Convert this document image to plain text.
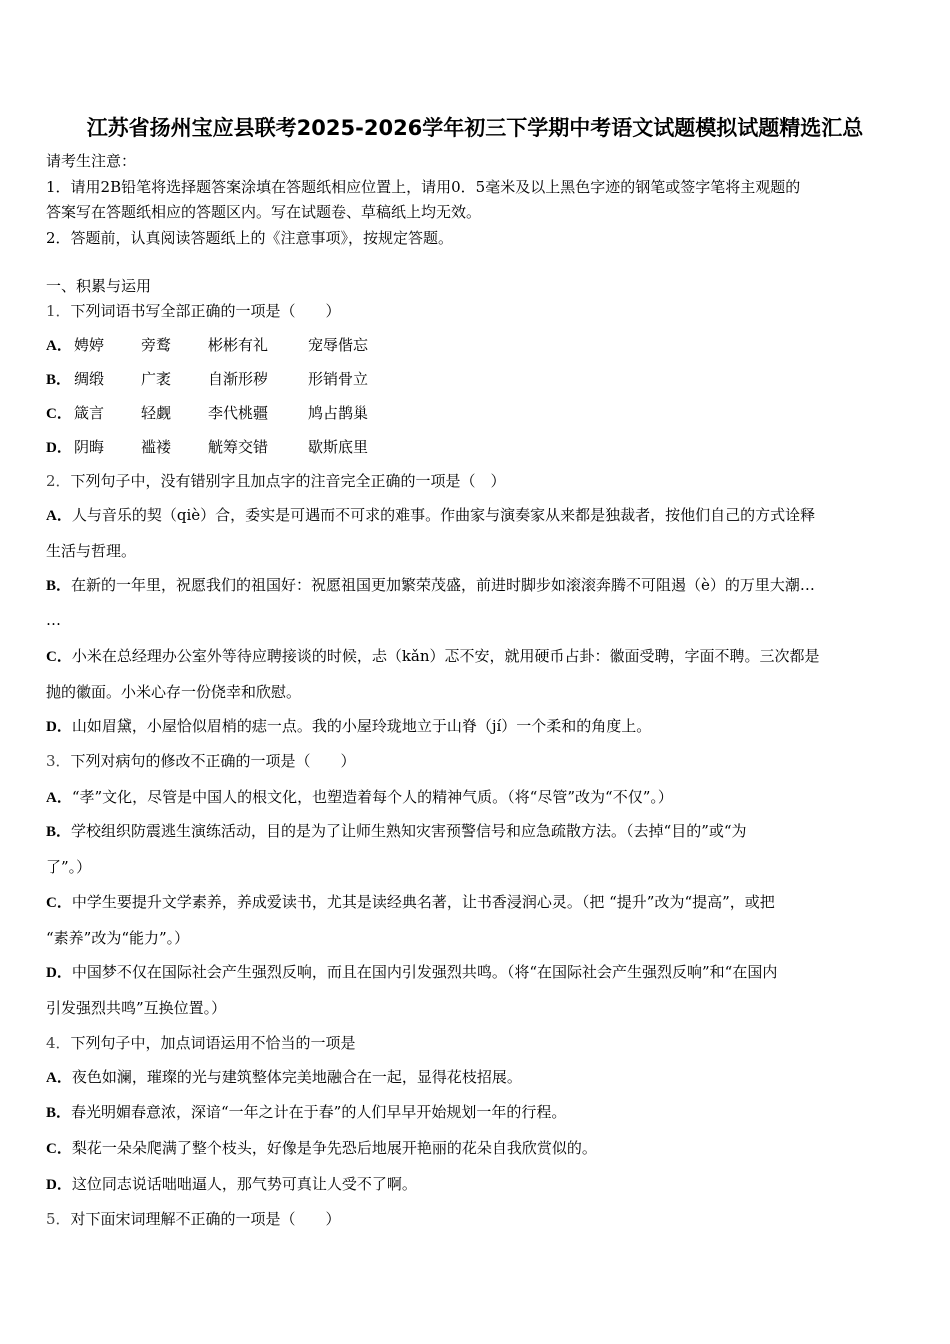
江苏省扬州宝应县联考2025-2026学年初三下学期中考语文试题模拟试题精选汇总
请考生注意：
1．请用2B铅笔将选择题答案涂填在答题纸相应位置上，请用0．5毫米及以上黑色字迹的钢笔或签字笔将主观题的
答案写在答题纸相应的答题区内。写在试题卷、草稿纸上均无效。
2．答题前，认真阅读答题纸上的《注意事项》，按规定答题。
一、积累与运用
1．下列词语书写全部正确的一项是（　　）
A． 娉婷 旁鹜 彬彬有礼	宠辱偕忘
B． 绸缎 广袤 自渐形秽	形销骨立
C． 箴言 轻觑 李代桃疆	鸠占鹊巢
D． 阴晦 褴褛 觥筹交错	歇斯底里
2．下列句子中，没有错别字且加点字的注音完全正确的一项是（　）
A．人与音乐的契（qiè）合，委实是可遇而不可求的难事。作曲家与演奏家从来都是独裁者，按他们自己的方式诠释
生活与哲理。
B．在新的一年里，祝愿我们的祖国好：祝愿祖国更加繁荣茂盛，前进时脚步如滚滚奔腾不可阻遏（è）的万里大潮…
…
C．小米在总经理办公室外等待应聘接谈的时候，忐（kǎn）忑不安，就用硬币占卦：徽面受聘，字面不聘。三次都是
抛的徽面。小米心存一份侥幸和欣慰。
D．山如眉黛，小屋恰似眉梢的痣一点。我的小屋玲珑地立于山脊（jí）一个柔和的角度上。
3．下列对病句的修改不正确的一项是（　　）
A．“孝”文化，尽管是中国人的根文化，也塑造着每个人的精神气质。（将“尽管”改为“不仅”。）
B．学校组织防震逃生演练活动，目的是为了让师生熟知灾害预警信号和应急疏散方法。（去掉“目的”或“为
了”。）
C．中学生要提升文学素养，养成爱读书，尤其是读经典名著，让书香浸润心灵。（把 “提升”改为“提高”，或把
“素养”改为“能力”。）
D．中国梦不仅在国际社会产生强烈反响，而且在国内引发强烈共鸣。（将“在国际社会产生强烈反响”和“在国内
引发强烈共鸣”互换位置。）
4．下列句子中，加点词语运用不恰当的一项是
A．夜色如澜，璀璨的光与建筑整体完美地融合在一起，显得花枝招展。
B．春光明媚春意浓，深谙“一年之计在于春”的人们早早开始规划一年的行程。
C．梨花一朵朵爬满了整个枝头，好像是争先恐后地展开艳丽的花朵自我欣赏似的。
D．这位同志说话咄咄逼人，那气势可真让人受不了啊。
5．对下面宋词理解不正确的一项是（　　）
